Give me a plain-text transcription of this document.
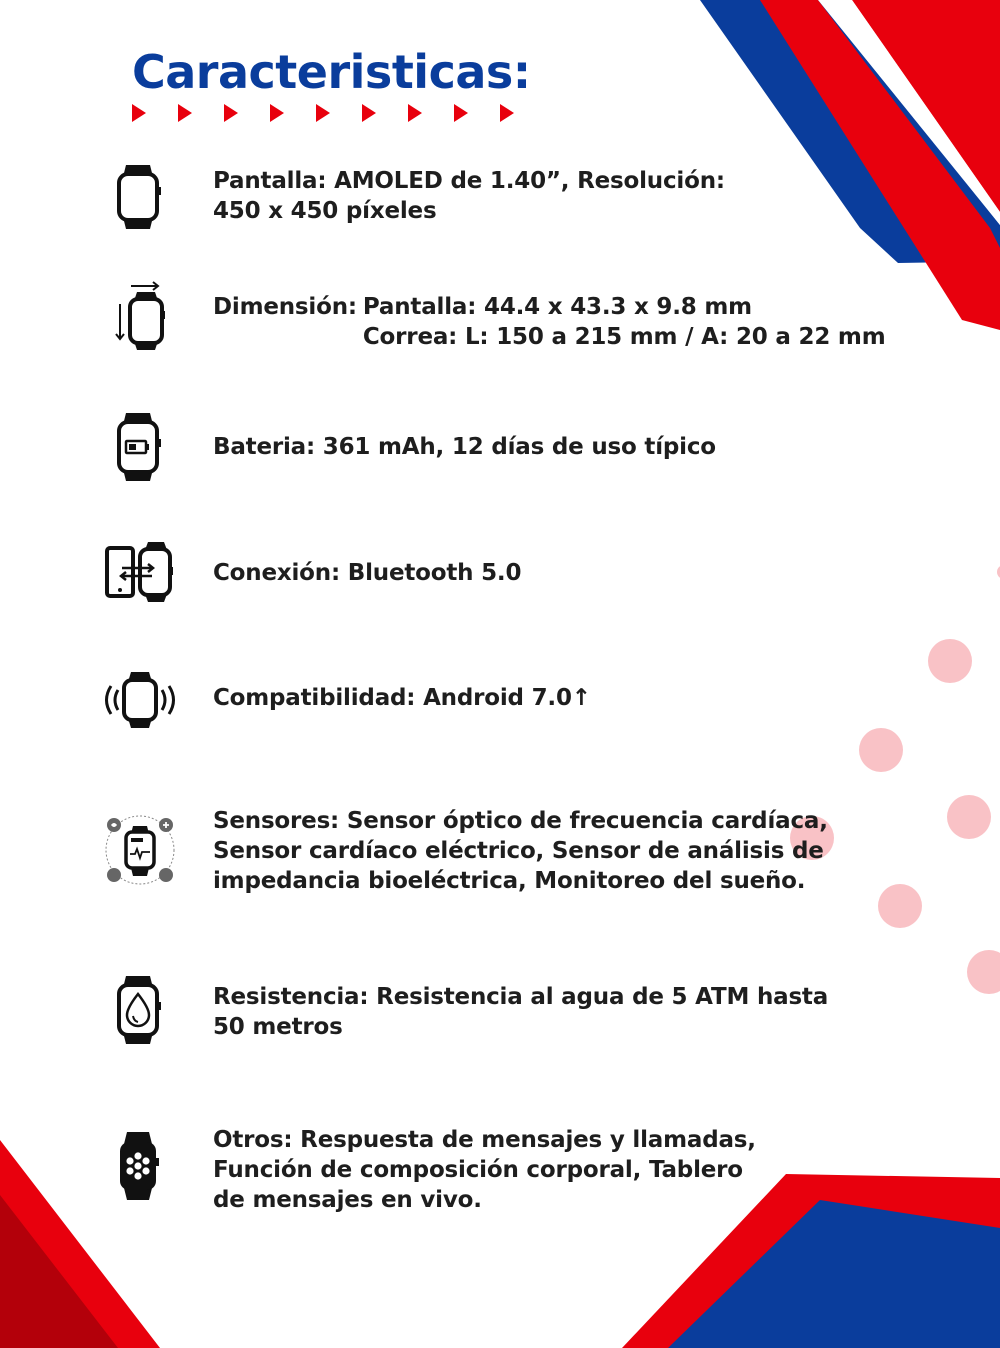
Caracteristicas:
Pantalla: AMOLED de 1.40”, Resolución:
450 x 450 píxeles
Dimensión: Pantalla: 44.4 x 43.3 x 9.8 mm
Correa: L: 150 a 215 mm / A: 20 a 22 mm
Bateria: 361 mAh, 12 días de uso típico
Conexión: Bluetooth 5.0
Compatibilidad: Android 7.0↑
Sensores: Sensor óptico de frecuencia cardíaca,
Sensor cardíaco eléctrico, Sensor de análisis de
impedancia bioeléctrica, Monitoreo del sueño.
Resistencia: Resistencia al agua de 5 ATM hasta
50 metros
Otros: Respuesta de mensajes y llamadas,
Función de composición corporal, Tablero
de mensajes en vivo.
